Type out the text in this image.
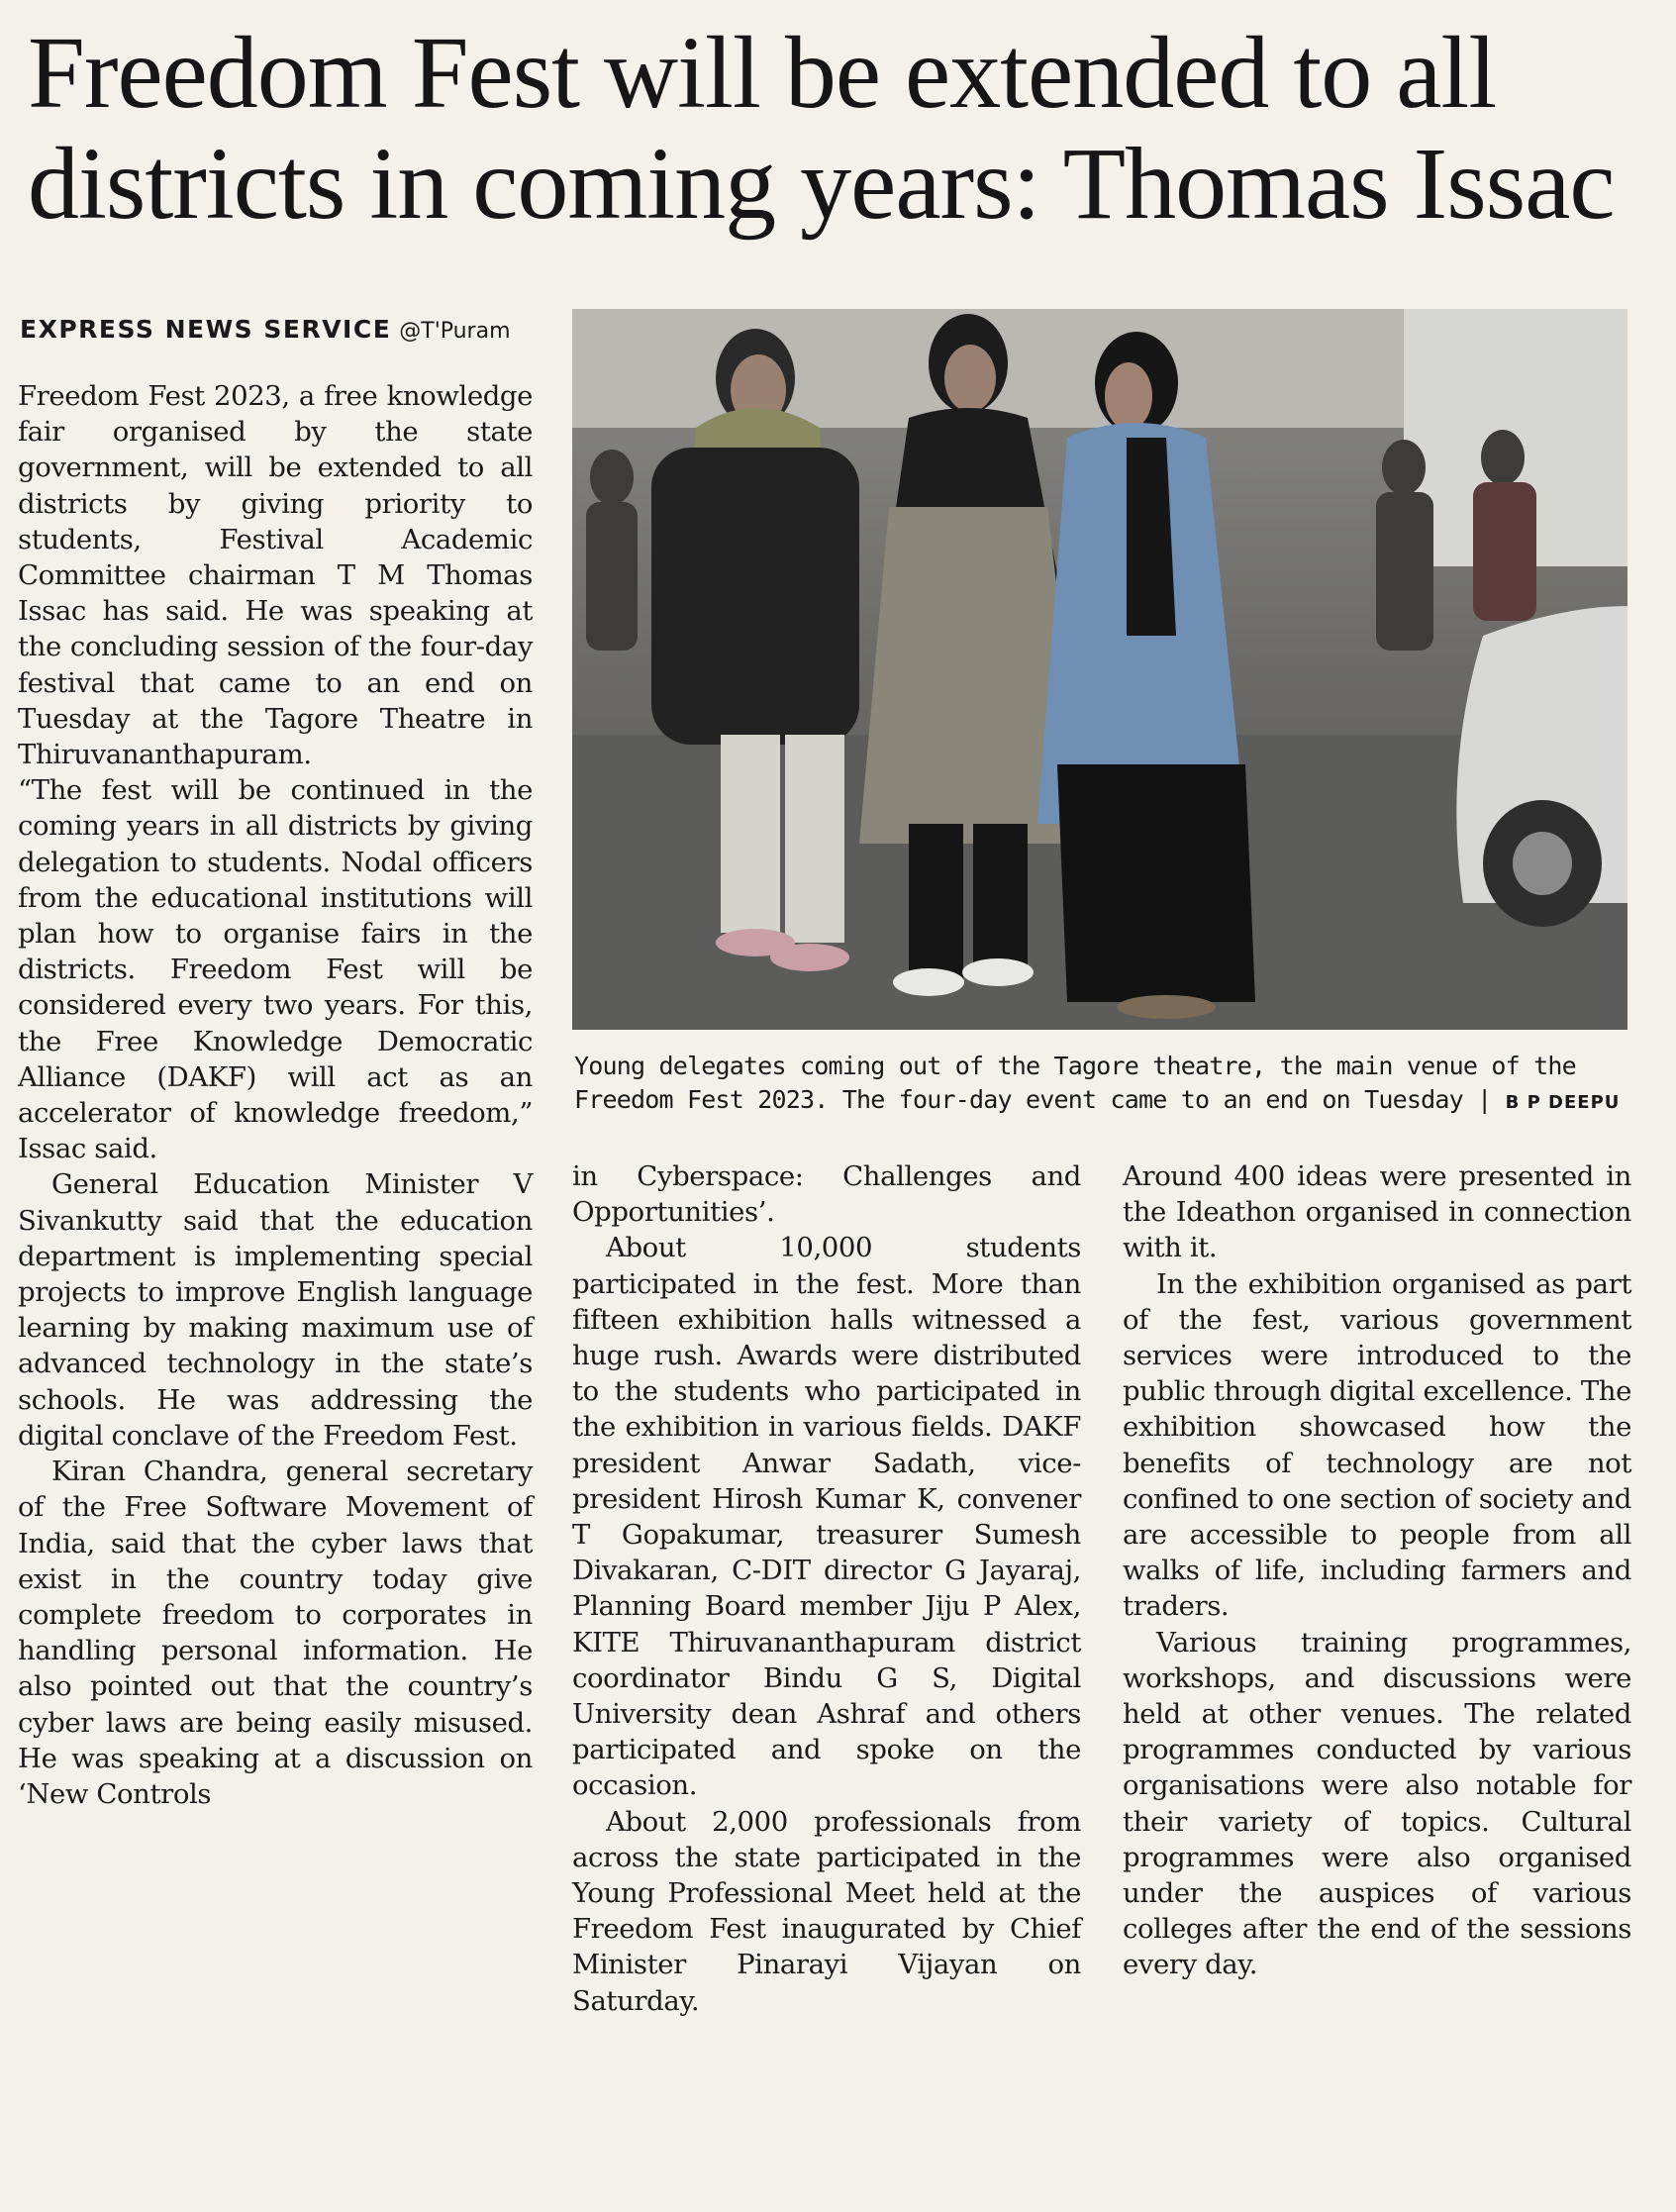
Freedom Fest will be extended to all districts in coming years: Thomas Issac
EXPRESS NEWS SERVICE @T'Puram
Young delegates coming out of the Tagore theatre, the main venue of the Freedom Fest 2023. The four-day event came to an end on Tuesday | B P DEEPU

Freedom Fest 2023, a free knowledge fair organised by the state government, will be extended to all districts by giving priority to students, Festival Academic Committee chairman T M Thomas Issac has said. He was speaking at the concluding session of the four-day festival that came to an end on Tuesday at the Tagore Theatre in Thiruvananthapuram.

“The fest will be continued in the coming years in all districts by giving delegation to students. Nodal officers from the educational institutions will plan how to organise fairs in the districts. Freedom Fest will be considered every two years. For this, the Free Knowledge Democratic Alliance (DAKF) will act as an accelerator of knowledge freedom,” Issac said.

General Education Minister V Sivankutty said that the education department is implementing special projects to improve English language learning by making maximum use of advanced technology in the state’s schools. He was addressing the digital conclave of the Freedom Fest.

Kiran Chandra, general secretary of the Free Software Movement of India, said that the cyber laws that exist in the country today give complete freedom to corporates in handling personal information. He also pointed out that the country’s cyber laws are being easily misused. He was speaking at a discussion on ‘New Controls

in Cyberspace: Challenges and Opportunities’.

About 10,000 students participated in the fest. More than fifteen exhibition halls witnessed a huge rush. Awards were distributed to the students who participated in the exhibition in various fields. DAKF president Anwar Sadath, vice-president Hirosh Kumar K, convener T Gopakumar, treasurer Sumesh Divakaran, C-DIT director G Jayaraj, Planning Board member Jiju P Alex, KITE Thiruvananthapuram district coordinator Bindu G S, Digital University dean Ashraf and others participated and spoke on the occasion.

About 2,000 professionals from across the state participated in the Young Professional Meet held at the Freedom Fest inaugurated by Chief Minister Pinarayi Vijayan on Saturday.

Around 400 ideas were presented in the Ideathon organised in connection with it.

In the exhibition organised as part of the fest, various government services were introduced to the public through digital excellence. The exhibition showcased how the benefits of technology are not confined to one section of society and are accessible to people from all walks of life, including farmers and traders.

Various training programmes, workshops, and discussions were held at other venues. The related programmes conducted by various organisations were also notable for their variety of topics. Cultural programmes were also organised under the auspices of various colleges after the end of the sessions every day.
